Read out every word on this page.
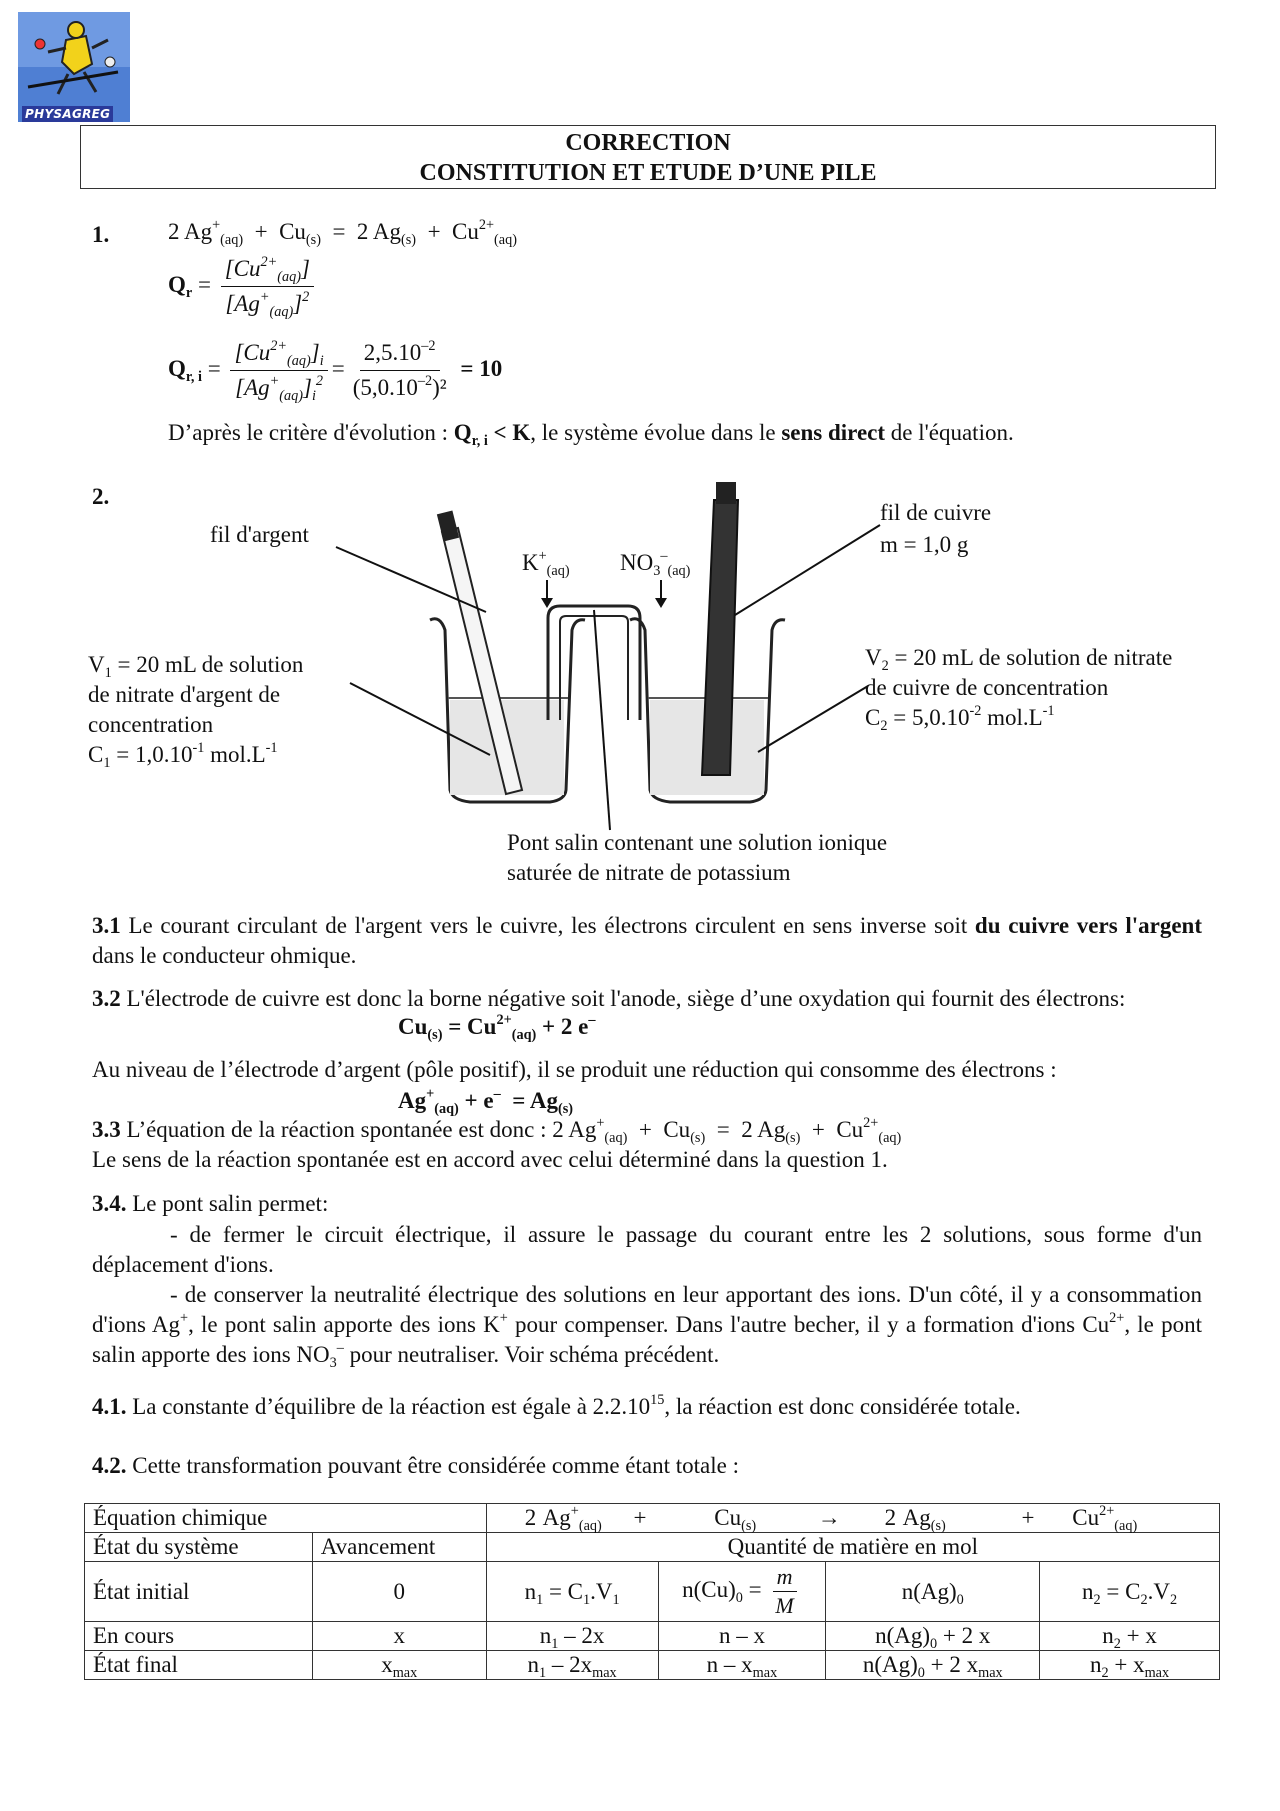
PHYSAGREG
CORRECTION
CONSTITUTION ET ETUDE D’UNE PILE
1.	2 $Ag^+_{(aq)} + Cu_{(s)} = 2$ $Ag_{(s)} + Cu^{2+}_{(aq)}$
$Q_r = \frac{[Cu^{2+}_{(aq)}]}{[Ag^+_{(aq)}]^2}$
$Q_{r, i} = \frac{[Cu^{2+}_{(aq)}]_i}{[Ag^+_{(aq)}]_i^2} = \frac{2,5.10^{-2}}{(5,0.10^{-2})^2} = 10$
D’après le critère d'évolution : $Q_{r, i} < K$, le système évolue dans le sens direct de l'équation.
2.
fil d'argent
$K^+_{(aq)}$ $NO_3^-_{(aq)}$
fil de cuivre
m = 1,0 g
$V_1 = 20$ mL de solution
de nitrate d'argent de
concentration
$C_1 = 1,0.10^{-1}$ $mol.L^{-1}$
$V_2 = 20$ mL de solution de nitrate
de cuivre de concentration
$C_2 = 5,0.10^{-2}$ $mol.L^{-1}$
Pont salin contenant une solution ionique
saturée de nitrate de potassium
3.1 Le courant circulant de l'argent vers le cuivre, les électrons circulent en sens inverse soit du cuivre vers l'argent dans le conducteur ohmique.
3.2 L'électrode de cuivre est donc la borne négative soit l'anode, siège d’une oxydation qui fournit des électrons:
$Cu_{(s)} = Cu^{2+}_{(aq)} + 2$ e–
Au niveau de l’électrode d’argent (pôle positif), il se produit une réduction qui consomme des électrons :
$Ag^+_{(aq)} + e^- = Ag_{(s)}$
3.3 L’équation de la réaction spontanée est donc : 2 $Ag^+_{(aq)} + Cu_{(s)} = 2$ $Ag_{(s)} + Cu^{2+}_{(aq)}$
Le sens de la réaction spontanée est en accord avec celui déterminé dans la question 1.
3.4. Le pont salin permet:
- de fermer le circuit électrique, il assure le passage du courant entre les 2 solutions, sous forme d'un déplacement d'ions.
- de conserver la neutralité électrique des solutions en leur apportant des ions. D'un côté, il y a consommation d'ions Ag+, le pont salin apporte des ions K+ pour compenser. Dans l'autre becher, il y a formation d'ions $Cu^{2+}$, le pont salin apporte des ions $NO_3^-$ pour neutraliser. Voir schéma précédent.
4.1. La constante d’équilibre de la réaction est égale à 2.2.10$^{15}$, la réaction est donc considérée totale.
4.2. Cette transformation pouvant être considérée comme étant totale :
Équation chimique		2 $Ag^+_{(aq)} + Cu_{(s)} \to 2$ $Ag_{(s)} + Cu^{2+}_{(aq)}$
État du système	Avancement	Quantité de matière en mol			
État initial	0	$n_1 = C_1.V_1$	$n(Cu)_0 = \frac{m}{M}$	$n(Ag)_0$	$n_2 = C_2.V_2$
En cours	x	$n_1 - 2x$	n – x	$n(Ag)_0 + 2$ x	$n_2 + x$
État final	$x_{max}$	$n_1 - 2x_{max}$	n – $x_{max}$	$n(Ag)_0 + 2$ $x_{max}$	$n_2 + x_{max}$
